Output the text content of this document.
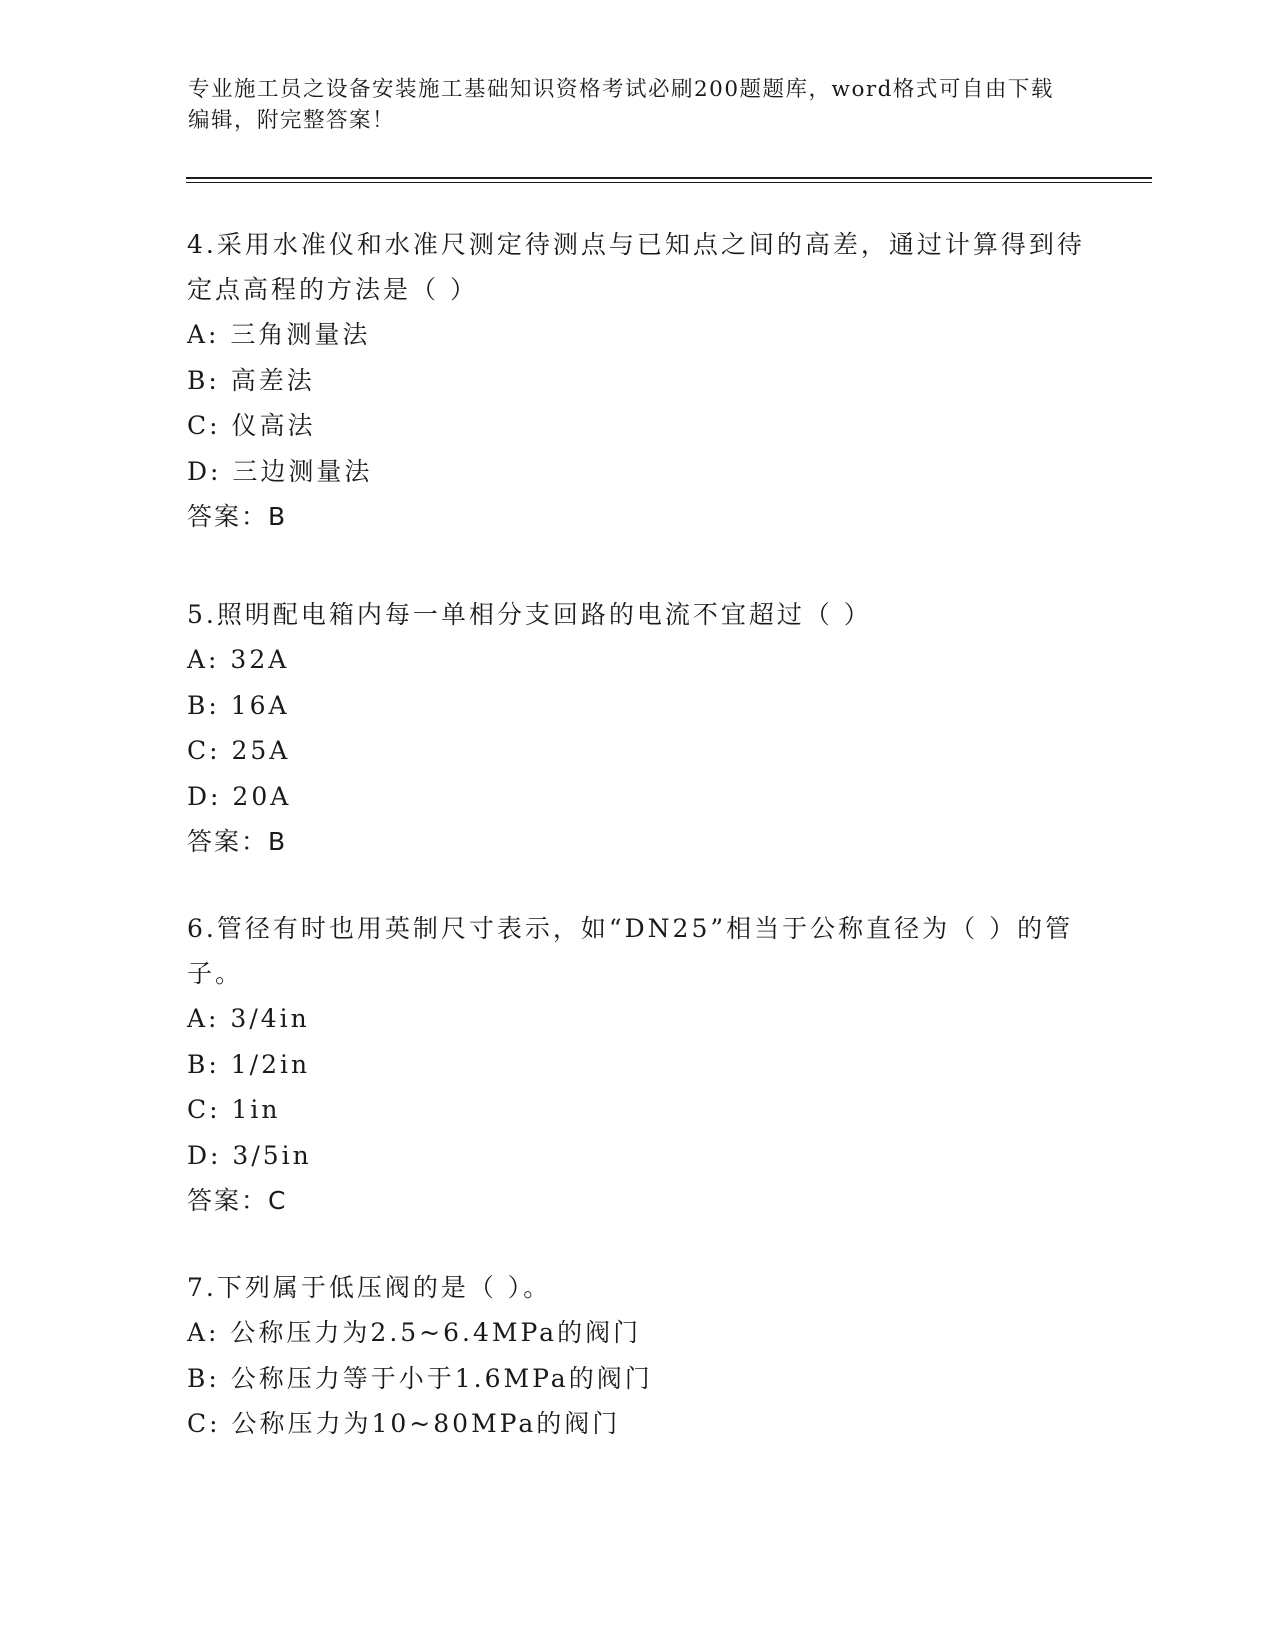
专业施工员之设备安装施工基础知识资格考试必刷200题题库，word格式可自由下载编辑，附完整答案！

4.采用水准仪和水准尺测定待测点与已知点之间的高差，通过计算得到待定点高程的方法是（ ）

A: 三角测量法
B: 高差法
C: 仪高法
D: 三边测量法
答案：B

5.照明配电箱内每一单相分支回路的电流不宜超过（ ）

A: 32A
B: 16A
C: 25A
D: 20A
答案：B

6.管径有时也用英制尺寸表示，如“DN25”相当于公称直径为（ ）的管子。

A: 3/4in
B: 1/2in
C: 1in
D: 3/5in
答案：C

7.下列属于低压阀的是（ ）。

A: 公称压力为2.5~6.4MPa的阀门
B: 公称压力等于小于1.6MPa的阀门
C: 公称压力为10~80MPa的阀门
